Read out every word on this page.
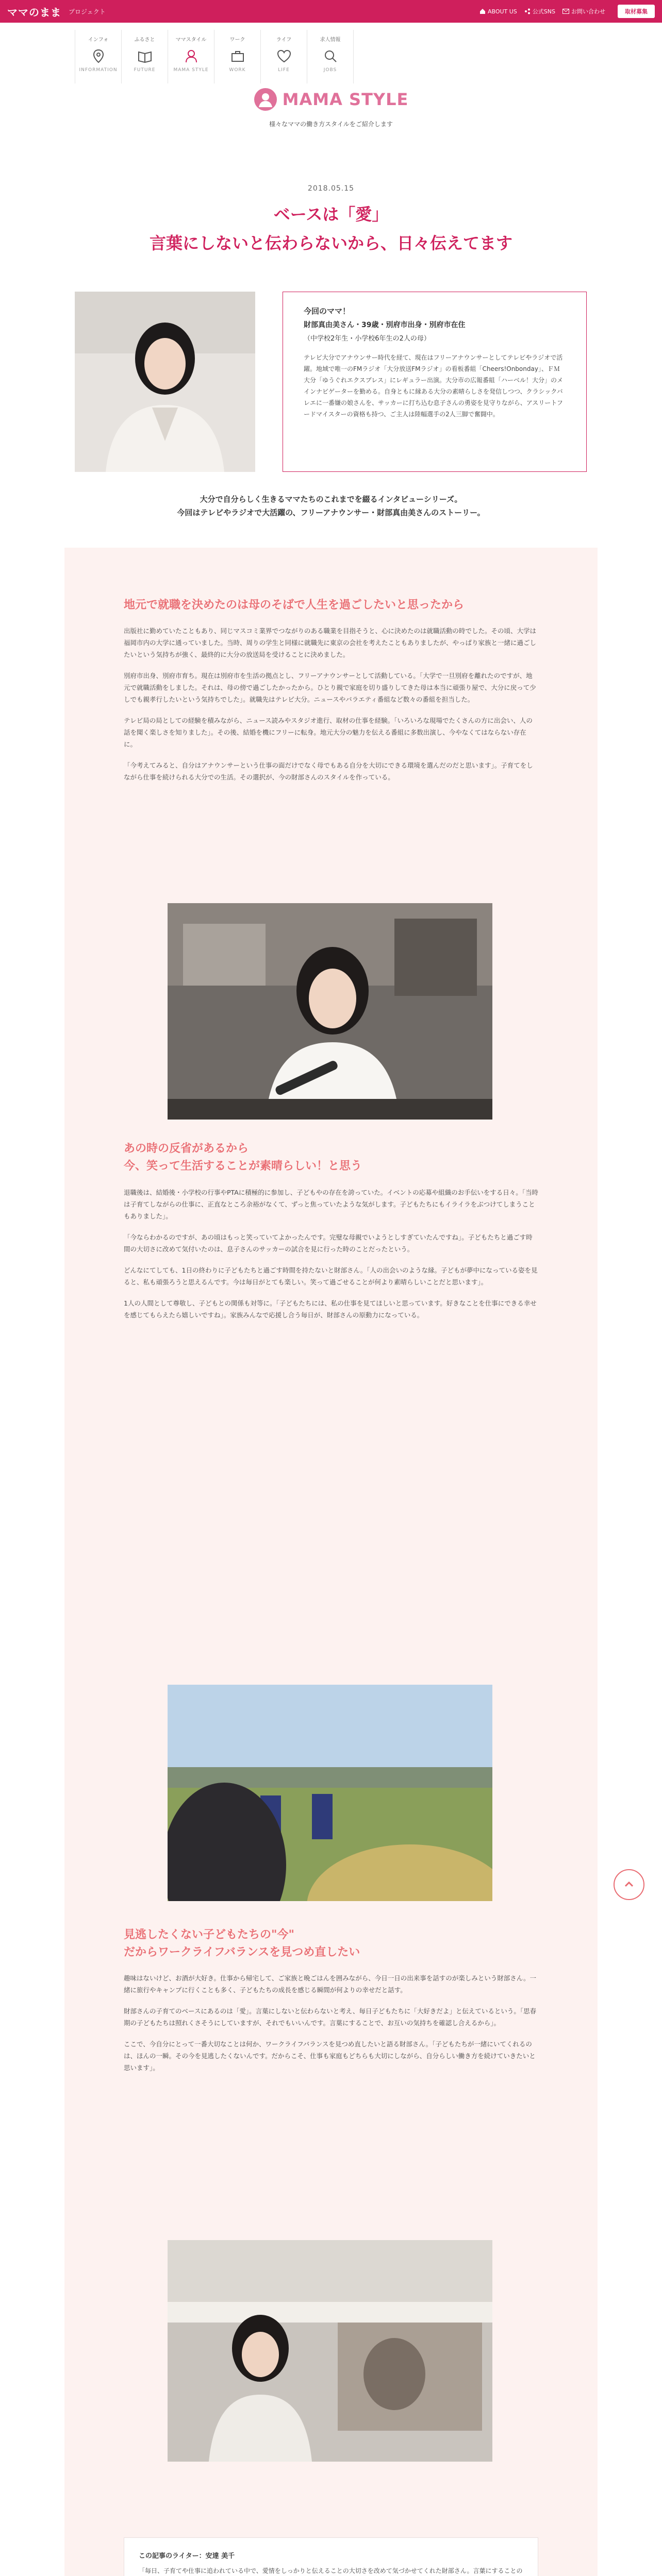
ママのまま プロジェクト	ABOUT US	公式SNS	お問い合わせ	取材募集
インフォ
INFORMATION
ふるさと
FUTURE
ママスタイル
MAMA STYLE
ワーク
WORK
ライフ
LIFE
求人情報
JOBS
MAMA STYLE
様々なママの働き方スタイルをご紹介します
2018.05.15
ベースは「愛」
言葉にしないと伝わらないから、日々伝えてます
今回のママ！
財部真由美さん・39歳・別府市出身・別府市在住
（中学校2年生・小学校6年生の2人の母）
テレビ大分でアナウンサー時代を経て、現在はフリーアナウンサーとしてテレビやラジオで活躍。地域で唯一のFMラジオ「大分放送FMラジオ」の看板番組「Cheers!Onbonday」、ＦＭ大分「ゆうぐれエクスプレス」にレギュラー出演。大分市の広報番組「ハーベル！大分」のメインナビゲーターを勤める。自身ともに縁ある大分の素晴らしさを発信しつつ、クラシックバレエに一番嫌の娘さんを、サッカーに打ち込む息子さんの勇姿を見守りながら、アスリートフードマイスターの資格も持つ、ご主人は陸幅選手の2人三脚で奮闘中。
大分で自分らしく生きるママたちのこれまでを綴るインタビューシリーズ。
今回はテレビやラジオで大活躍の、フリーアナウンサー・財部真由美さんのストーリー。
地元で就職を決めたのは母のそばで人生を過ごしたいと思ったから

出版社に勤めていたこともあり、同じマスコミ業界でつながりのある職業を目指そうと、心に決めたのは就職活動の時でした。その頃、大学は福岡市内の大学に通っていました。当時、周りの学生と同様に就職先に東京の会社を考えたこともありましたが、やっぱり家族と一緒に過ごしたいという気持ちが強く、最終的に大分の放送局を受けることに決めました。

別府市出身、別府市育ち。現在は別府市を生活の拠点とし、フリーアナウンサーとして活動している。「大学で一旦別府を離れたのですが、地元で就職活動をしました。それは、母の傍で過ごしたかったから。ひとり親で家庭を切り盛りしてきた母は本当に頑張り屋で、大分に戻って少しでも親孝行したいという気持ちでした」。就職先はテレビ大分。ニュースやバラエティ番組など数々の番組を担当した。

テレビ局の局としての経験を積みながら、ニュース読みやスタジオ進行、取材の仕事を経験。「いろいろな現場でたくさんの方に出会い、人の話を聞く楽しさを知りました」。その後、結婚を機にフリーに転身。地元大分の魅力を伝える番組に多数出演し、今やなくてはならない存在に。

「今考えてみると、自分はアナウンサーという仕事の面だけでなく母でもある自分を大切にできる環境を選んだのだと思います」。子育てをしながら仕事を続けられる大分での生活。その選択が、今の財部さんのスタイルを作っている。

あの時の反省があるから
今、笑って生活することが素晴らしい！と思う

退職後は、結婚後・小学校の行事やPTAに積極的に参加し、子どもやの存在を誇っていた。イベントの応募や組織のお手伝いをする日々。「当時は子育てしながらの仕事に、正直なところ余裕がなくて、ずっと焦っていたような気がします。子どもたちにもイライラをぶつけてしまうこともありました」。

「今ならわかるのですが、あの頃はもっと笑っていてよかったんです。完璧な母親でいようとしすぎていたんですね」。子どもたちと過ごす時間の大切さに改めて気付いたのは、息子さんのサッカーの試合を見に行った時のことだったという。

どんなにてしても、1日の終わりに子どもたちと過ごす時間を持たないと財部さん。「人の出会いのような縁。子どもが夢中になっている姿を見ると、私も頑張ろうと思えるんです。今は毎日がとても楽しい。笑って過ごせることが何より素晴らしいことだと思います」。

1人の人間として尊敬し、子どもとの関係も対等に。「子どもたちには、私の仕事を見てほしいと思っています。好きなことを仕事にできる幸せを感じてもらえたら嬉しいですね」。家族みんなで応援し合う毎日が、財部さんの原動力になっている。

見逃したくない子どもたちの"今"
だからワークライフバランスを見つめ直したい

趣味はないけど、お酒が大好き。仕事から帰宅して、ご家族と晩ごはんを囲みながら、今日一日の出来事を話すのが楽しみという財部さん。一緒に旅行やキャンプに行くことも多く、子どもたちの成長を感じる瞬間が何よりの幸せだと話す。

財部さんの子育てのベースにあるのは「愛」。言葉にしないと伝わらないと考え、毎日子どもたちに「大好きだよ」と伝えているという。「思春期の子どもたちは照れくさそうにしていますが、それでもいいんです。言葉にすることで、お互いの気持ちを確認し合えるから」。

ここで、今自分にとって一番大切なことは何か、ワークライフバランスを見つめ直したいと語る財部さん。「子どもたちが一緒にいてくれるのは、ほんの一瞬。その今を見逃したくないんです。だからこそ、仕事も家庭もどちらも大切にしながら、自分らしい働き方を続けていきたいと思います」。

この記事のライター：安達 美千
「毎日、子育てや仕事に追われている中で、愛情をしっかりと伝えることの大切さを改めて気づかせてくれた財部さん。言葉にすることの
